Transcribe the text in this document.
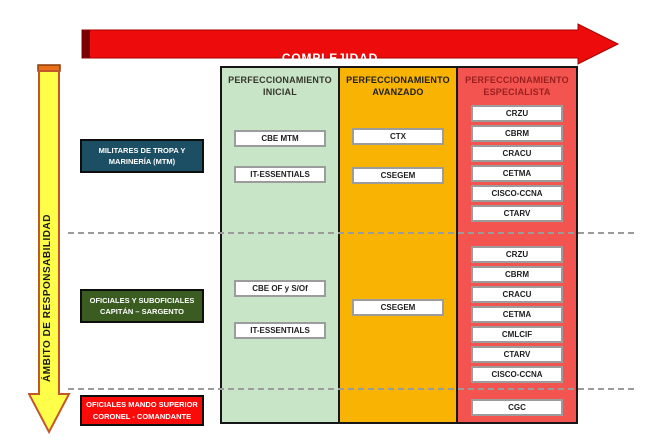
COMPLEJIDAD
ÁMBITO DE RESPONSABILIDAD
PERFECCIONAMIENTO INICIAL
PERFECCIONAMIENTO AVANZADO
PERFECCIONAMIENTO ESPECIALISTA
MILITARES DE TROPA Y
MARINERÍA (MTM)
OFICIALES Y SUBOFICIALES
CAPITÁN – SARGENTO
OFICIALES MANDO SUPERIOR
CORONEL - COMANDANTE
CBE MTM
IT-ESSENTIALS
CBE OF y S/Of
IT-ESSENTIALS
CTX
CSEGEM
CSEGEM
CRZU
CBRM
CRACU
CETMA
CISCO-CCNA
CTARV
CRZU
CBRM
CRACU
CETMA
CMLCIF
CTARV
CISCO-CCNA
CGC
